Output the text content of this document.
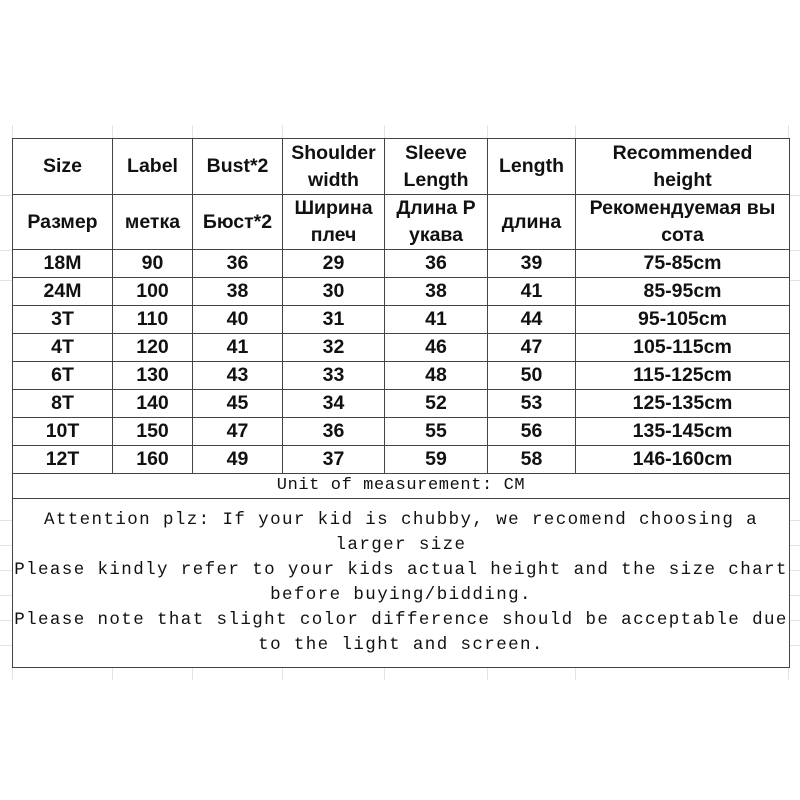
Size	Label	Bust*2	Shoulder width	Sleeve Length	Length	Recommended height
Размер	метка	Бюст*2	Ширина плеч	Длина Р укава	длина	Рекомендуемая вы сота
18M	90	36	29	36	39	75-85cm
24M	100	38	30	38	41	85-95cm
3T	110	40	31	41	44	95-105cm
4T	120	41	32	46	47	105-115cm
6T	130	43	33	48	50	115-125cm
8T	140	45	34	52	53	125-135cm
10T	150	47	36	55	56	135-145cm
12T	160	49	37	59	58	146-160cm
Unit of measurement: CM						

Attention plz: If your kid is chubby, we recomend choosing a larger size
Please kindly refer to your kids actual height and the size chart before buying/bidding.
Please note that slight color difference should be acceptable due to the light and screen.						
